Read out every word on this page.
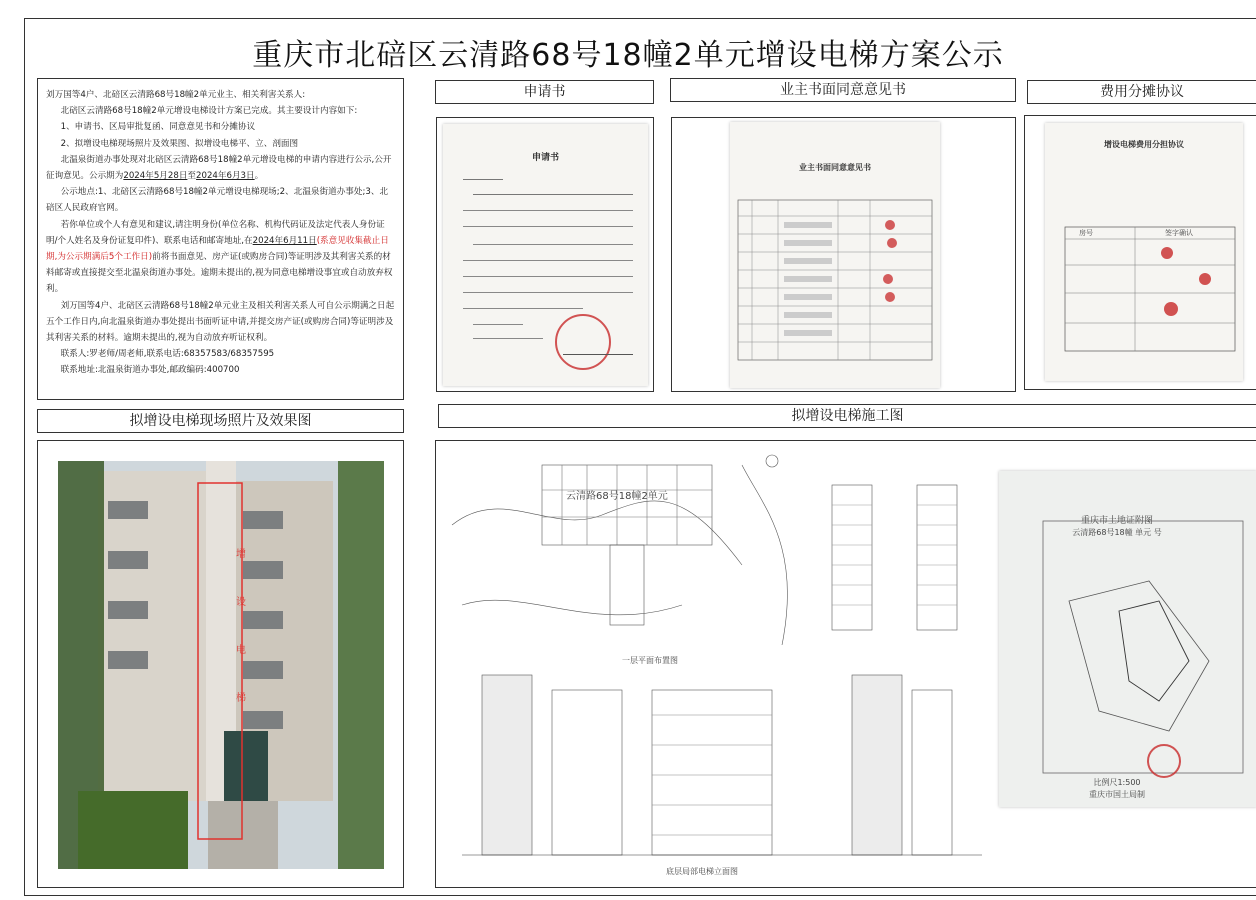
重庆市北碚区云清路68号18幢2单元增设电梯方案公示

刘万国等4户、北碚区云清路68号18幢2单元业主、相关利害关系人:

北碚区云清路68号18幢2单元增设电梯设计方案已完成。其主要设计内容如下:

1、申请书、区局审批复函、同意意见书和分摊协议

2、拟增设电梯现场照片及效果图、拟增设电梯平、立、剖面图

北温泉街道办事处现对北碚区云清路68号18幢2单元增设电梯的申请内容进行公示,公开征询意见。公示期为2024年5月28日至2024年6月3日。

公示地点:1、北碚区云清路68号18幢2单元增设电梯现场;2、北温泉街道办事处;3、北碚区人民政府官网。

若你单位或个人有意见和建议,请注明身份(单位名称、机构代码证及法定代表人身份证明/个人姓名及身份证复印件)、联系电话和邮寄地址,在2024年6月11日(系意见收集截止日期,为公示期满后5个工作日)前将书面意见、房产证(或购房合同)等证明涉及其利害关系的材料邮寄或直接提交至北温泉街道办事处。逾期未提出的,视为同意电梯增设事宜或自动放弃权利。

刘万国等4户、北碚区云清路68号18幢2单元业主及相关利害关系人可自公示期满之日起五个工作日内,向北温泉街道办事处提出书面听证申请,并提交房产证(或购房合同)等证明涉及其利害关系的材料。逾期未提出的,视为自动放弃听证权利。

联系人:罗老师/周老师,联系电话:68357583/68357595

联系地址:北温泉街道办事处,邮政编码:400700

申请书	业主书面同意意见书	费用分摊协议
拟增设电梯现场照片及效果图	拟增设电梯施工图
申请书
业主书面同意意见书
增设电梯费用分担协议
房号	签字确认
增 设 电 梯
云清路68号18幢2单元
一层平面布置图
底层局部电梯立面图
重庆市土地证附图
云清路68号18幢 单元 号
比例尺1:500
重庆市国土局制
